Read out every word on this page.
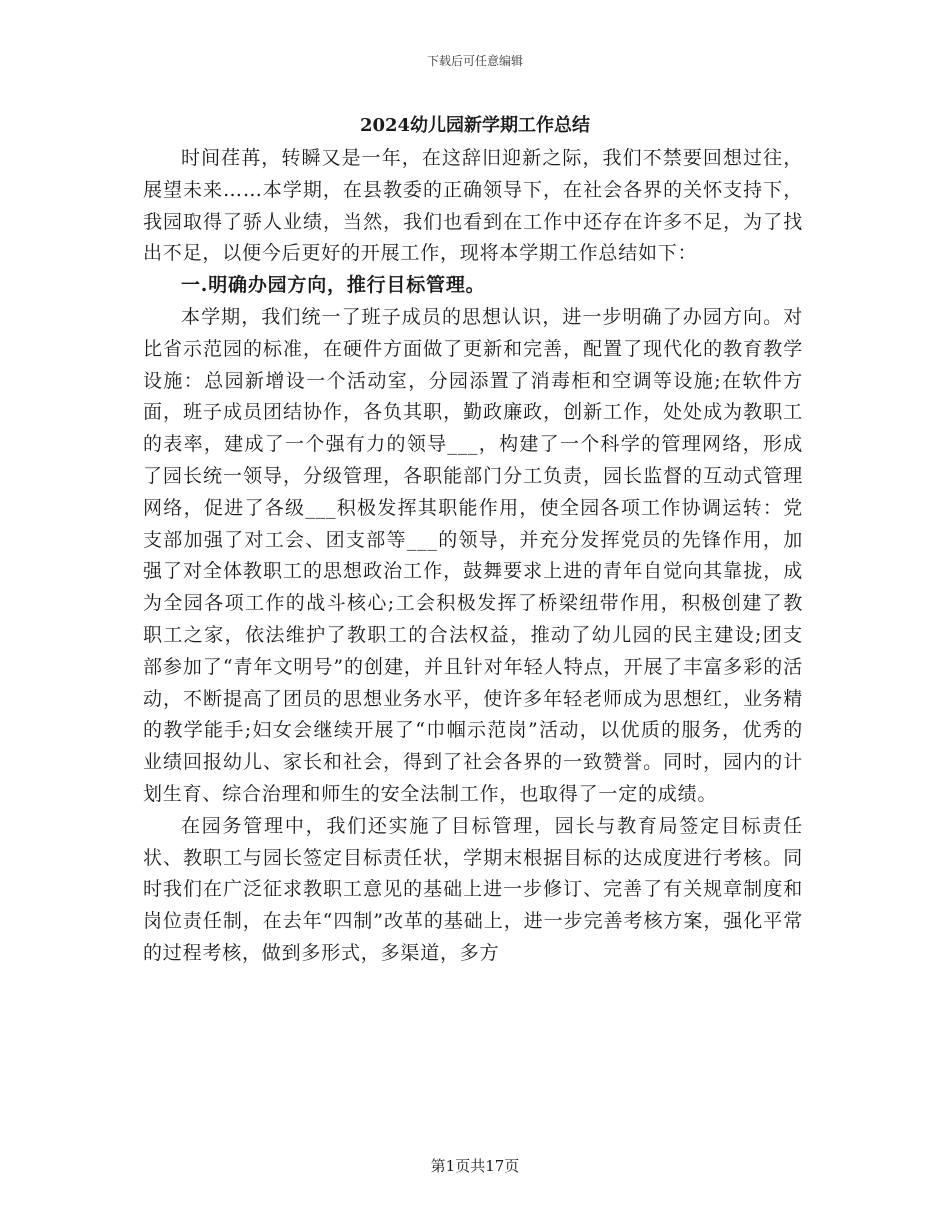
下载后可任意编辑
2024幼儿园新学期工作总结

时间荏苒，转瞬又是一年，在这辞旧迎新之际，我们不禁要回想过往，展望未来……本学期，在县教委的正确领导下，在社会各界的关怀支持下，我园取得了骄人业绩，当然，我们也看到在工作中还存在许多不足，为了找出不足，以便今后更好的开展工作，现将本学期工作总结如下：

一.明确办园方向，推行目标管理。

本学期，我们统一了班子成员的思想认识，进一步明确了办园方向。对比省示范园的标准，在硬件方面做了更新和完善，配置了现代化的教育教学设施：总园新增设一个活动室，分园添置了消毒柜和空调等设施;在软件方面，班子成员团结协作，各负其职，勤政廉政，创新工作，处处成为教职工的表率，建成了一个强有力的领导___，构建了一个科学的管理网络，形成了园长统一领导，分级管理，各职能部门分工负责，园长监督的互动式管理网络，促进了各级___积极发挥其职能作用，使全园各项工作协调运转：党支部加强了对工会、团支部等___的领导，并充分发挥党员的先锋作用，加强了对全体教职工的思想政治工作，鼓舞要求上进的青年自觉向其靠拢，成为全园各项工作的战斗核心;工会积极发挥了桥梁纽带作用，积极创建了教职工之家，依法维护了教职工的合法权益，推动了幼儿园的民主建设;团支部参加了“青年文明号”的创建，并且针对年轻人特点，开展了丰富多彩的活动，不断提高了团员的思想业务水平，使许多年轻老师成为思想红，业务精的教学能手;妇女会继续开展了“巾帼示范岗”活动，以优质的服务，优秀的业绩回报幼儿、家长和社会，得到了社会各界的一致赞誉。同时，园内的计划生育、综合治理和师生的安全法制工作，也取得了一定的成绩。

在园务管理中，我们还实施了目标管理，园长与教育局签定目标责任状、教职工与园长签定目标责任状，学期末根据目标的达成度进行考核。同时我们在广泛征求教职工意见的基础上进一步修订、完善了有关规章制度和岗位责任制，在去年“四制”改革的基础上，进一步完善考核方案，强化平常的过程考核，做到多形式，多渠道，多方

第1页共17页
